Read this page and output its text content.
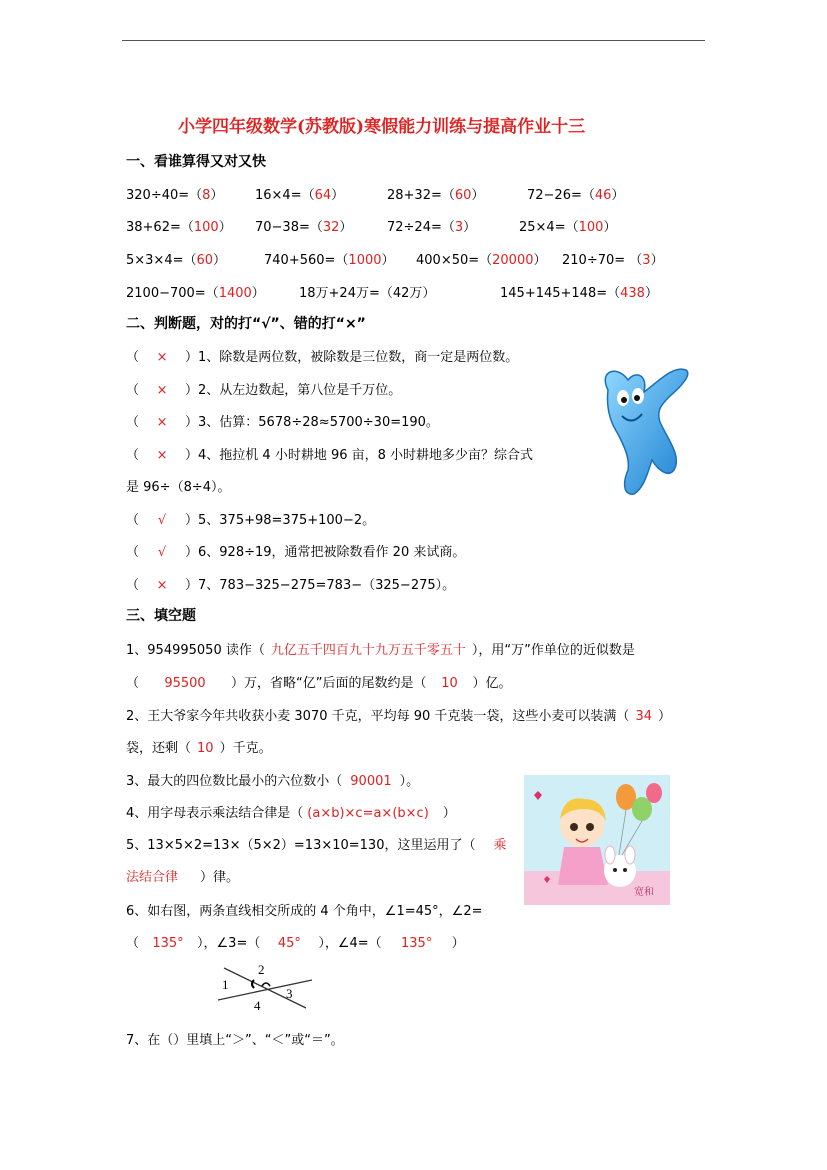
小学四年级数学(苏教版)寒假能力训练与提高作业十三
一、看谁算得又对又快
320÷40=（8） 16×4=（64）	28+32=（60）	72−26=（46）
38+62=（100） 70−38=（32）	72÷24=（3）	25×4=（100）
5×3×4=（60）	740+560=（1000） 400×50=（20000） 210÷70= （3）
2100−700=（1400）	18万+24万=（42万）	145+145+148=（438）
二、判断题，对的打“√”、错的打“×”
（ × ）1、除数是两位数，被除数是三位数，商一定是两位数。
（ × ）2、从左边数起，第八位是千万位。
（ × ）3、估算：5678÷28≈5700÷30=190。
（ × ）4、拖拉机 4 小时耕地 96 亩，8 小时耕地多少亩？综合式
（ √ ）5、375+98=375+100−2。
（ √ ）6、928÷19，通常把被除数看作 20 来试商。
（ × ）7、783−325−275=783−（325−275）。
是 96÷（8÷4）。
三、填空题
1、954995050 读作（ 九亿五千四百九十九万五千零五十 ），用“万”作单位的近似数是
（ 95500 ）万，省略“亿”后面的尾数约是（ 10 ）亿。
2、王大爷家今年共收获小麦 3070 千克，平均每 90 千克装一袋，这些小麦可以装满（ 34 ）
袋，还剩（ 10 ）千克。
3、最大的四位数比最小的六位数小（ 90001 ）。
4、用字母表示乘法结合律是（ (a×b)×c=a×(b×c) ）
5、13×5×2=13×（5×2）=13×10=130，这里运用了（ 乘
法结合律 ）律。
6、如右图，两条直线相交所成的 4 个角中，∠1=45°，∠2=
（ 135° ），∠3=（ 45° ），∠4=（ 135° ）
1
2
3
4
7、在（）里填上“＞”、“＜”或“＝”。
宽和
